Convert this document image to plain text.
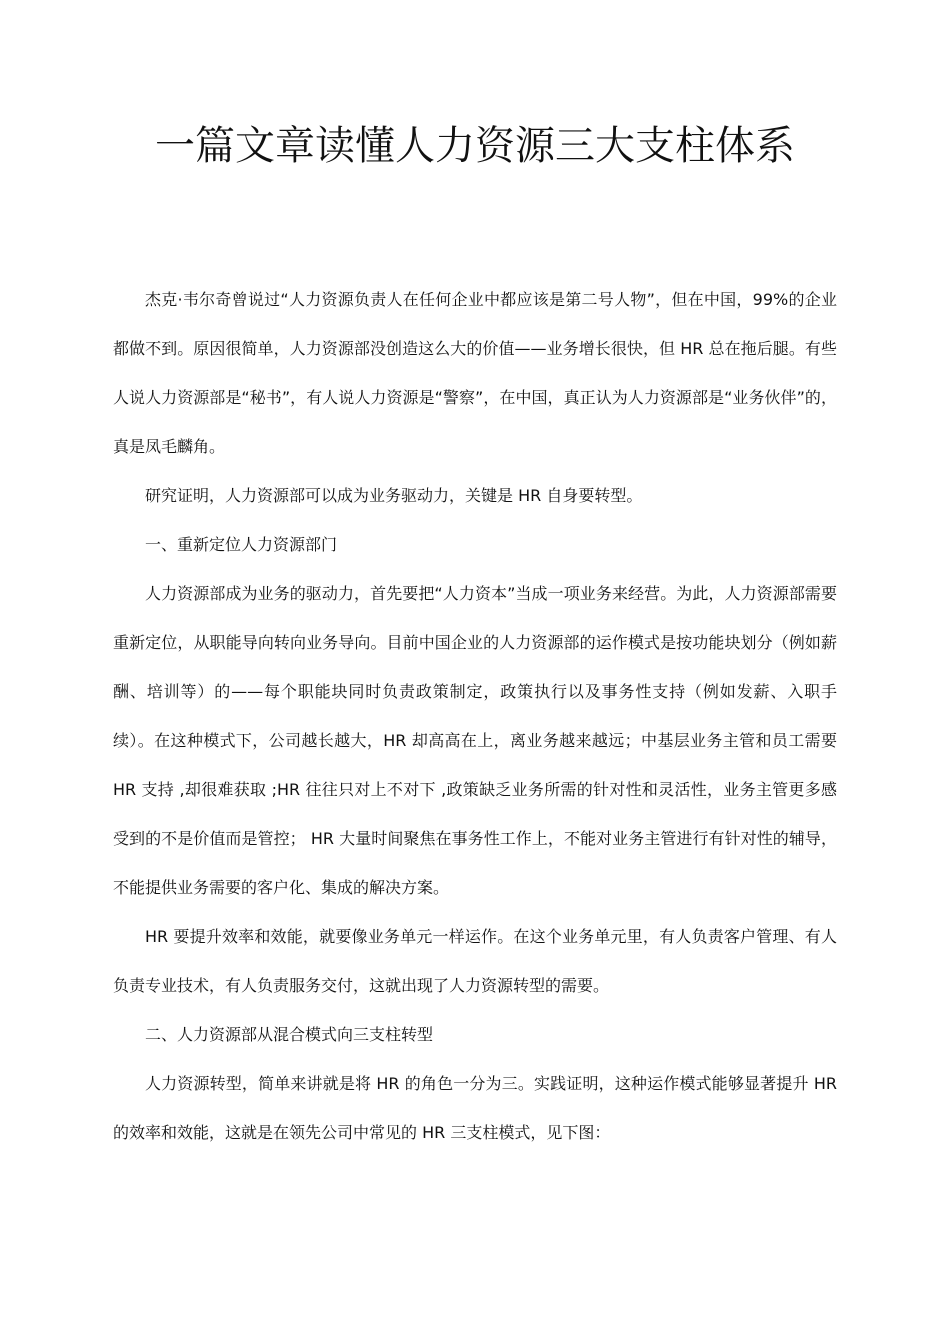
一篇文章读懂人力资源三大支柱体系

杰克·韦尔奇曾说过“人力资源负责人在任何企业中都应该是第二号人物”，但在中国，99%的企业都做不到。原因很简单，人力资源部没创造这么大的价值——业务增长很快，但 HR 总在拖后腿。有些人说人力资源部是“秘书”，有人说人力资源是“警察”，在中国，真正认为人力资源部是“业务伙伴”的，真是凤毛麟角。

研究证明，人力资源部可以成为业务驱动力，关键是 HR 自身要转型。

一、重新定位人力资源部门

人力资源部成为业务的驱动力，首先要把“人力资本”当成一项业务来经营。为此，人力资源部需要重新定位，从职能导向转向业务导向。目前中国企业的人力资源部的运作模式是按功能块划分（例如薪酬、培训等）的——每个职能块同时负责政策制定，政策执行以及事务性支持（例如发薪、入职手续）。在这种模式下，公司越长越大，HR 却高高在上，离业务越来越远；中基层业务主管和员工需要 HR 支持 ,却很难获取 ;HR 往往只对上不对下 ,政策缺乏业务所需的针对性和灵活性，业务主管更多感受到的不是价值而是管控； HR 大量时间聚焦在事务性工作上，不能对业务主管进行有针对性的辅导，不能提供业务需要的客户化、集成的解决方案。

HR 要提升效率和效能，就要像业务单元一样运作。在这个业务单元里，有人负责客户管理、有人负责专业技术，有人负责服务交付，这就出现了人力资源转型的需要。

二、人力资源部从混合模式向三支柱转型

人力资源转型，简单来讲就是将 HR 的角色一分为三。实践证明，这种运作模式能够显著提升 HR 的效率和效能，这就是在领先公司中常见的 HR 三支柱模式，见下图：
